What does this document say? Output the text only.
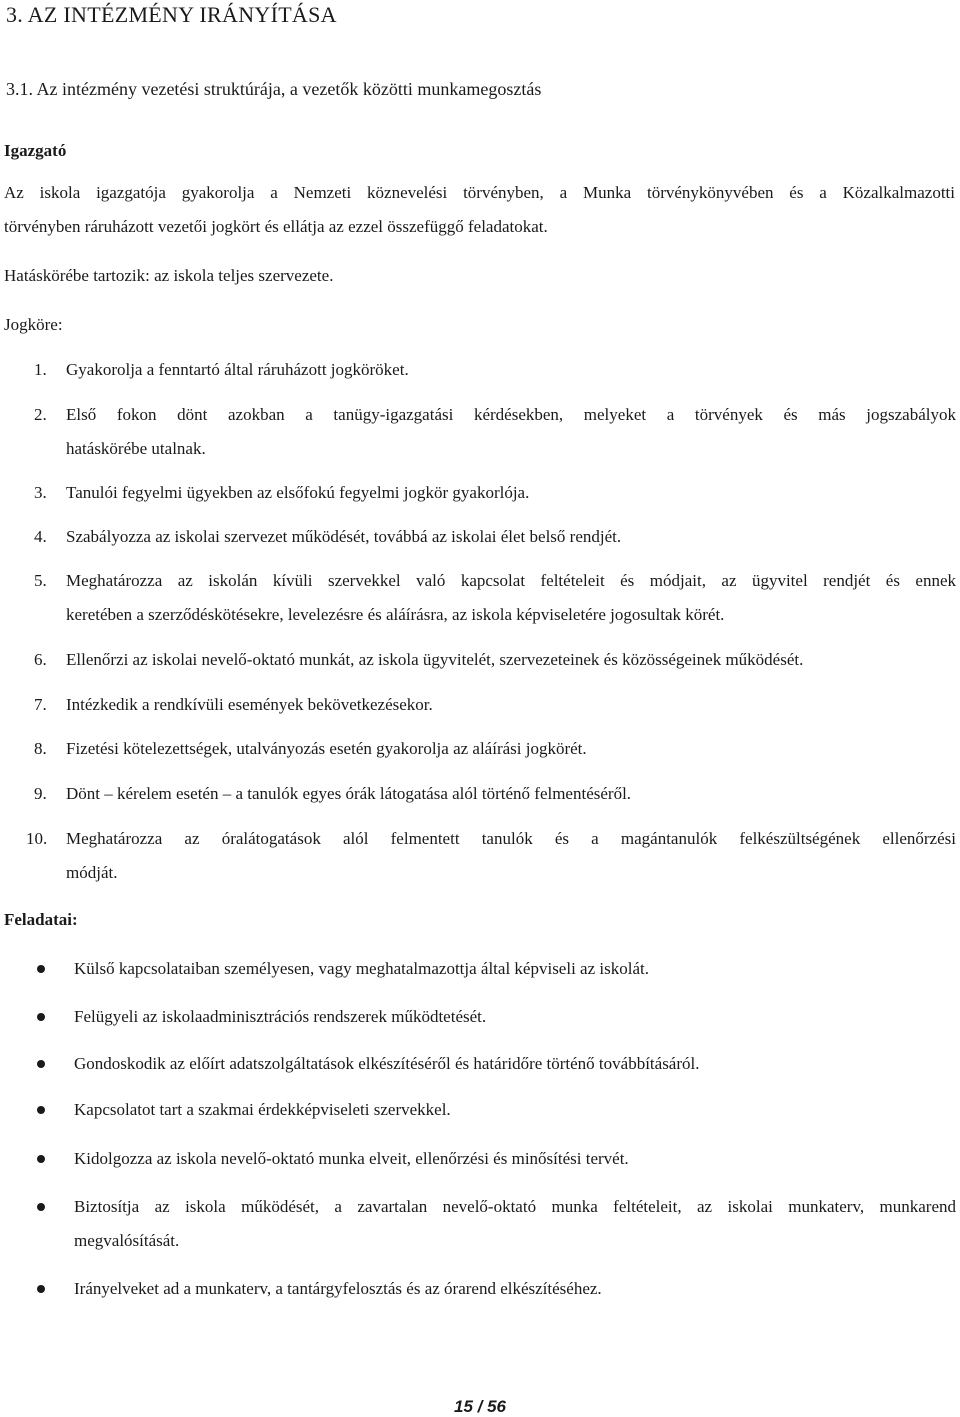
3. AZ INTÉZMÉNY IRÁNYÍTÁSA
3.1. Az intézmény vezetési struktúrája, a vezetők közötti munkamegosztás
Igazgató
Az iskola igazgatója gyakorolja a Nemzeti köznevelési törvényben, a Munka törvénykönyvében és a Közalkalmazotti
törvényben ráruházott vezetői jogkört és ellátja az ezzel összefüggő feladatokat.
Hatáskörébe tartozik: az iskola teljes szervezete.
Jogköre:
1. Gyakorolja a fenntartó által ráruházott jogköröket.
2. Első fokon dönt azokban a tanügy-igazgatási kérdésekben, melyeket a törvények és más jogszabályok
hatáskörébe utalnak.
3. Tanulói fegyelmi ügyekben az elsőfokú fegyelmi jogkör gyakorlója.
4. Szabályozza az iskolai szervezet működését, továbbá az iskolai élet belső rendjét.
5. Meghatározza az iskolán kívüli szervekkel való kapcsolat feltételeit és módjait, az ügyvitel rendjét és ennek
keretében a szerződéskötésekre, levelezésre és aláírásra, az iskola képviseletére jogosultak körét.
6. Ellenőrzi az iskolai nevelő-oktató munkát, az iskola ügyvitelét, szervezeteinek és közösségeinek működését.
7. Intézkedik a rendkívüli események bekövetkezésekor.
8. Fizetési kötelezettségek, utalványozás esetén gyakorolja az aláírási jogkörét.
9. Dönt – kérelem esetén – a tanulók egyes órák látogatása alól történő felmentéséről.
10. Meghatározza az óralátogatások alól felmentett tanulók és a magántanulók felkészültségének ellenőrzési
módját.
Feladatai:
Külső kapcsolataiban személyesen, vagy meghatalmazottja által képviseli az iskolát.
Felügyeli az iskolaadminisztrációs rendszerek működtetését.
Gondoskodik az előírt adatszolgáltatások elkészítéséről és határidőre történő továbbításáról.
Kapcsolatot tart a szakmai érdekképviseleti szervekkel.
Kidolgozza az iskola nevelő-oktató munka elveit, ellenőrzési és minősítési tervét.
Biztosítja az iskola működését, a zavartalan nevelő-oktató munka feltételeit, az iskolai munkaterv, munkarend
megvalósítását.
Irányelveket ad a munkaterv, a tantárgyfelosztás és az órarend elkészítéséhez.
15 / 56
